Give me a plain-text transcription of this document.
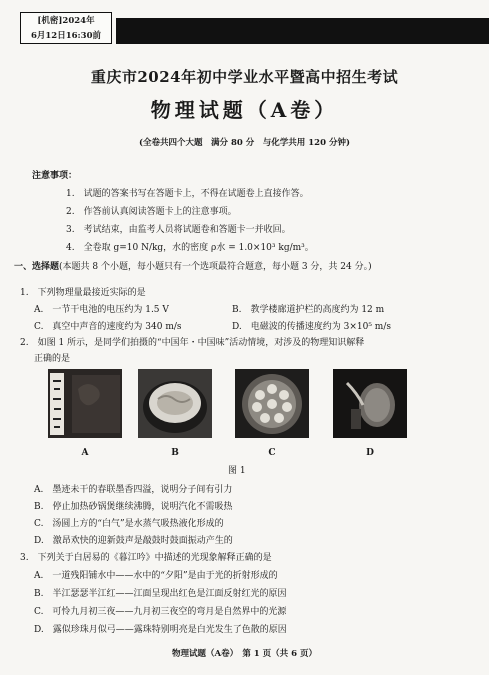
[机密]2024年
6月12日16:30前
重庆市2024年初中学业水平暨高中招生考试
物理试题（A卷）
(全卷共四个大题　满分 80 分　与化学共用 120 分钟)
注意事项：
1.　试题的答案书写在答题卡上，不得在试题卷上直接作答。
2.　作答前认真阅读答题卡上的注意事项。
3.　考试结束，由监考人员将试题卷和答题卡一并收回。
4.　全卷取 g=10 N/kg，水的密度 ρ水 = 1.0×10³ kg/m³。
一、选择题(本题共 8 个小题，每小题只有一个选项最符合题意，每小题 3 分，共 24 分。)
1.　下列物理量最接近实际的是
A.　一节干电池的电压约为 1.5 V	B.　教学楼廊道护栏的高度约为 12 m
C.　真空中声音的速度约为 340 m/s	D.　电磁波的传播速度约为 3×10⁵ m/s
2.　如图 1 所示，是同学们拍摄的“中国年・中国味”活动情境，对涉及的物理知识解释
正确的是
A	B	C	D
图 1
A.　墨迹未干的春联墨香四溢，说明分子间有引力
B.　停止加热砂锅煲继续沸腾，说明汽化不需吸热
C.　汤圆上方的“白气”是水蒸气吸热液化形成的
D.　激昂欢快的迎新鼓声是敲鼓时鼓面振动产生的
3.　下列关于白居易的《暮江吟》中描述的光现象解释正确的是
A.　一道残阳铺水中——水中的“夕阳”是由于光的折射形成的
B.　半江瑟瑟半江红——江面呈现出红色是江面反射红光的原因
C.　可怜九月初三夜——九月初三夜空的弯月是自然界中的光源
D.　露似珍珠月似弓——露珠特别明亮是白光发生了色散的原因
物理试题（A卷）　第 1 页（共 6 页）
